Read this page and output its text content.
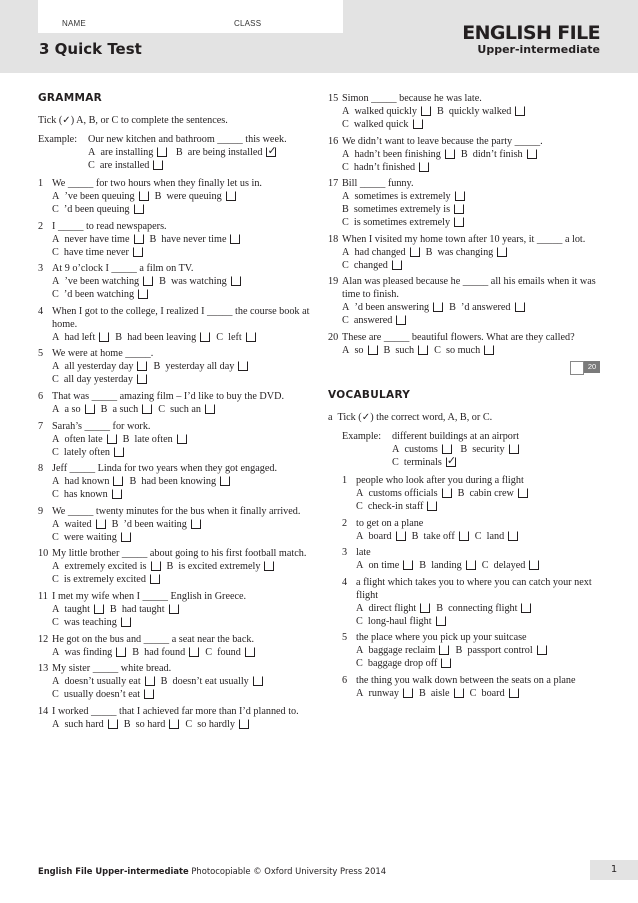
NAME	CLASS
3 Quick Test
ENGLISH FILE
Upper-intermediate
GRAMMAR
Tick (✓) A, B, or C to complete the sentences.
Example:	Our new kitchen and bathroom _____ this week.
A are installing B are being installed✓
C are installed
1 We _____ for two hours when they finally let us in.
A ’ve been queuing B were queuing
C ’d been queuing
2 I _____ to read newspapers.
A never have time B have never time
C have time never
3 At 9 o’clock I _____ a film on TV.
A ’ve been watching B was watching
C ’d been watching
4 When I got to the college, I realized I _____ the course book at home.
A had left B had been leaving C left
5 We were at home _____.
A all yesterday day B yesterday all day
C all day yesterday
6 That was _____ amazing film – I’d like to buy the DVD.
A a so B a such C such an
7 Sarah’s _____ for work.
A often late B late often
C lately often
8 Jeff _____ Linda for two years when they got engaged.
A had known B had been knowing
C has known
9 We _____ twenty minutes for the bus when it finally arrived.
A waited B ’d been waiting
C were waiting
10 My little brother _____ about going to his first football match.
A extremely excited is B is excited extremely
C is extremely excited
11 I met my wife when I _____ English in Greece.
A taught B had taught
C was teaching
12 He got on the bus and _____ a seat near the back.
A was finding B had found C found
13 My sister _____ white bread.
A doesn’t usually eat B doesn’t eat usually
C usually doesn’t eat
14 I worked _____ that I achieved far more than I’d planned to.
A such hard B so hard C so hardly
15 Simon _____ because he was late.
A walked quickly B quickly walked
C walked quick
16 We didn’t want to leave because the party _____.
A hadn’t been finishing B didn’t finish
C hadn’t finished
17 Bill _____ funny.
A sometimes is extremely
B sometimes extremely is
C is sometimes extremely
18 When I visited my home town after 10 years, it _____ a lot.
A had changed B was changing
C changed
19 Alan was pleased because he _____ all his emails when it was time to finish.
A ’d been answering B ’d answered
C answered
20 These are _____ beautiful flowers. What are they called?
A so B such C so much
20
VOCABULARY
a Tick (✓) the correct word, A, B, or C.
Example:	different buildings at an airport
A customs B security
C terminals✓
1 people who look after you during a flight
A customs officials B cabin crew
C check-in staff
2 to get on a plane
A board B take off C land
3 late
A on time B landing C delayed
4 a flight which takes you to where you can catch your next flight
A direct flight B connecting flight
C long-haul flight
5 the place where you pick up your suitcase
A baggage reclaim B passport control
C baggage drop off
6 the thing you walk down between the seats on a plane
A runway B aisle C board
English File Upper-intermediate Photocopiable © Oxford University Press 2014	1
